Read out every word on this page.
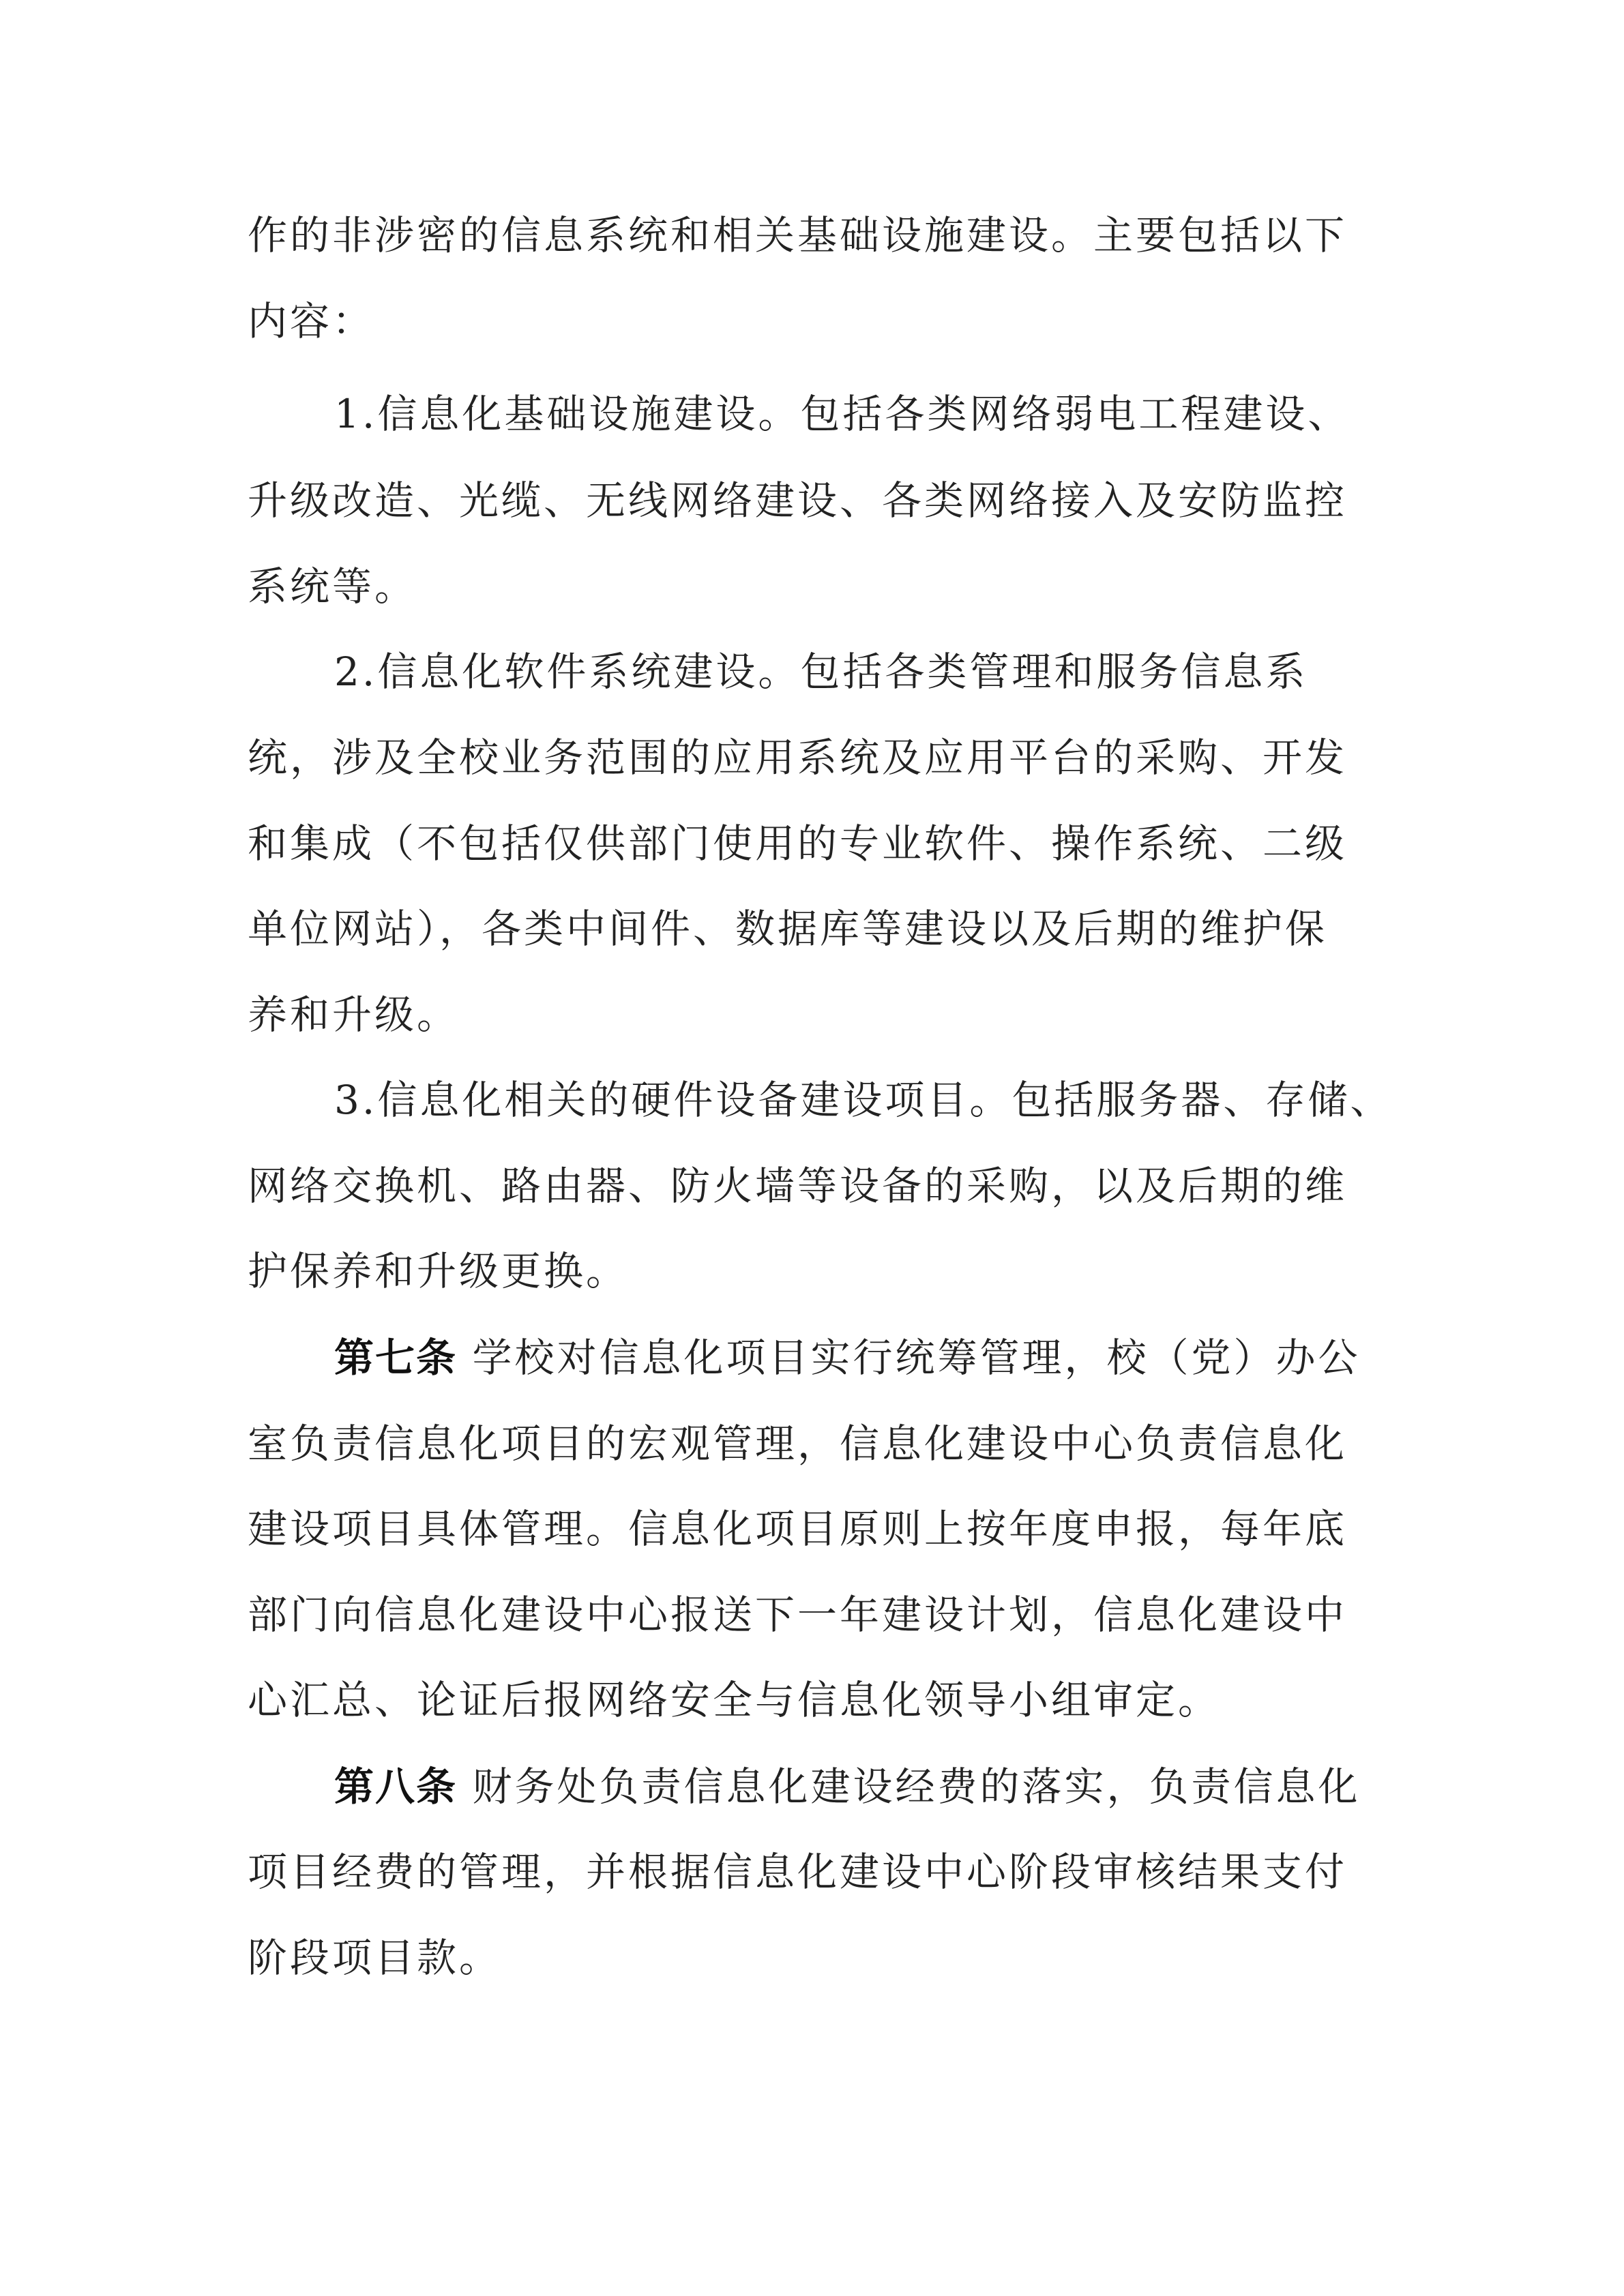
作的非涉密的信息系统和相关基础设施建设。主要包括以下
内容：
1.信息化基础设施建设。包括各类网络弱电工程建设、
升级改造、光缆、无线网络建设、各类网络接入及安防监控
系统等。
2.信息化软件系统建设。包括各类管理和服务信息系
统，涉及全校业务范围的应用系统及应用平台的采购、开发
和集成（不包括仅供部门使用的专业软件、操作系统、二级
单位网站），各类中间件、数据库等建设以及后期的维护保
养和升级。
3.信息化相关的硬件设备建设项目。包括服务器、存储、
网络交换机、路由器、防火墙等设备的采购，以及后期的维
护保养和升级更换。
第七条 学校对信息化项目实行统筹管理，校（党）办公
室负责信息化项目的宏观管理，信息化建设中心负责信息化
建设项目具体管理。信息化项目原则上按年度申报，每年底
部门向信息化建设中心报送下一年建设计划，信息化建设中
心汇总、论证后报网络安全与信息化领导小组审定。
第八条 财务处负责信息化建设经费的落实，负责信息化
项目经费的管理，并根据信息化建设中心阶段审核结果支付
阶段项目款。
